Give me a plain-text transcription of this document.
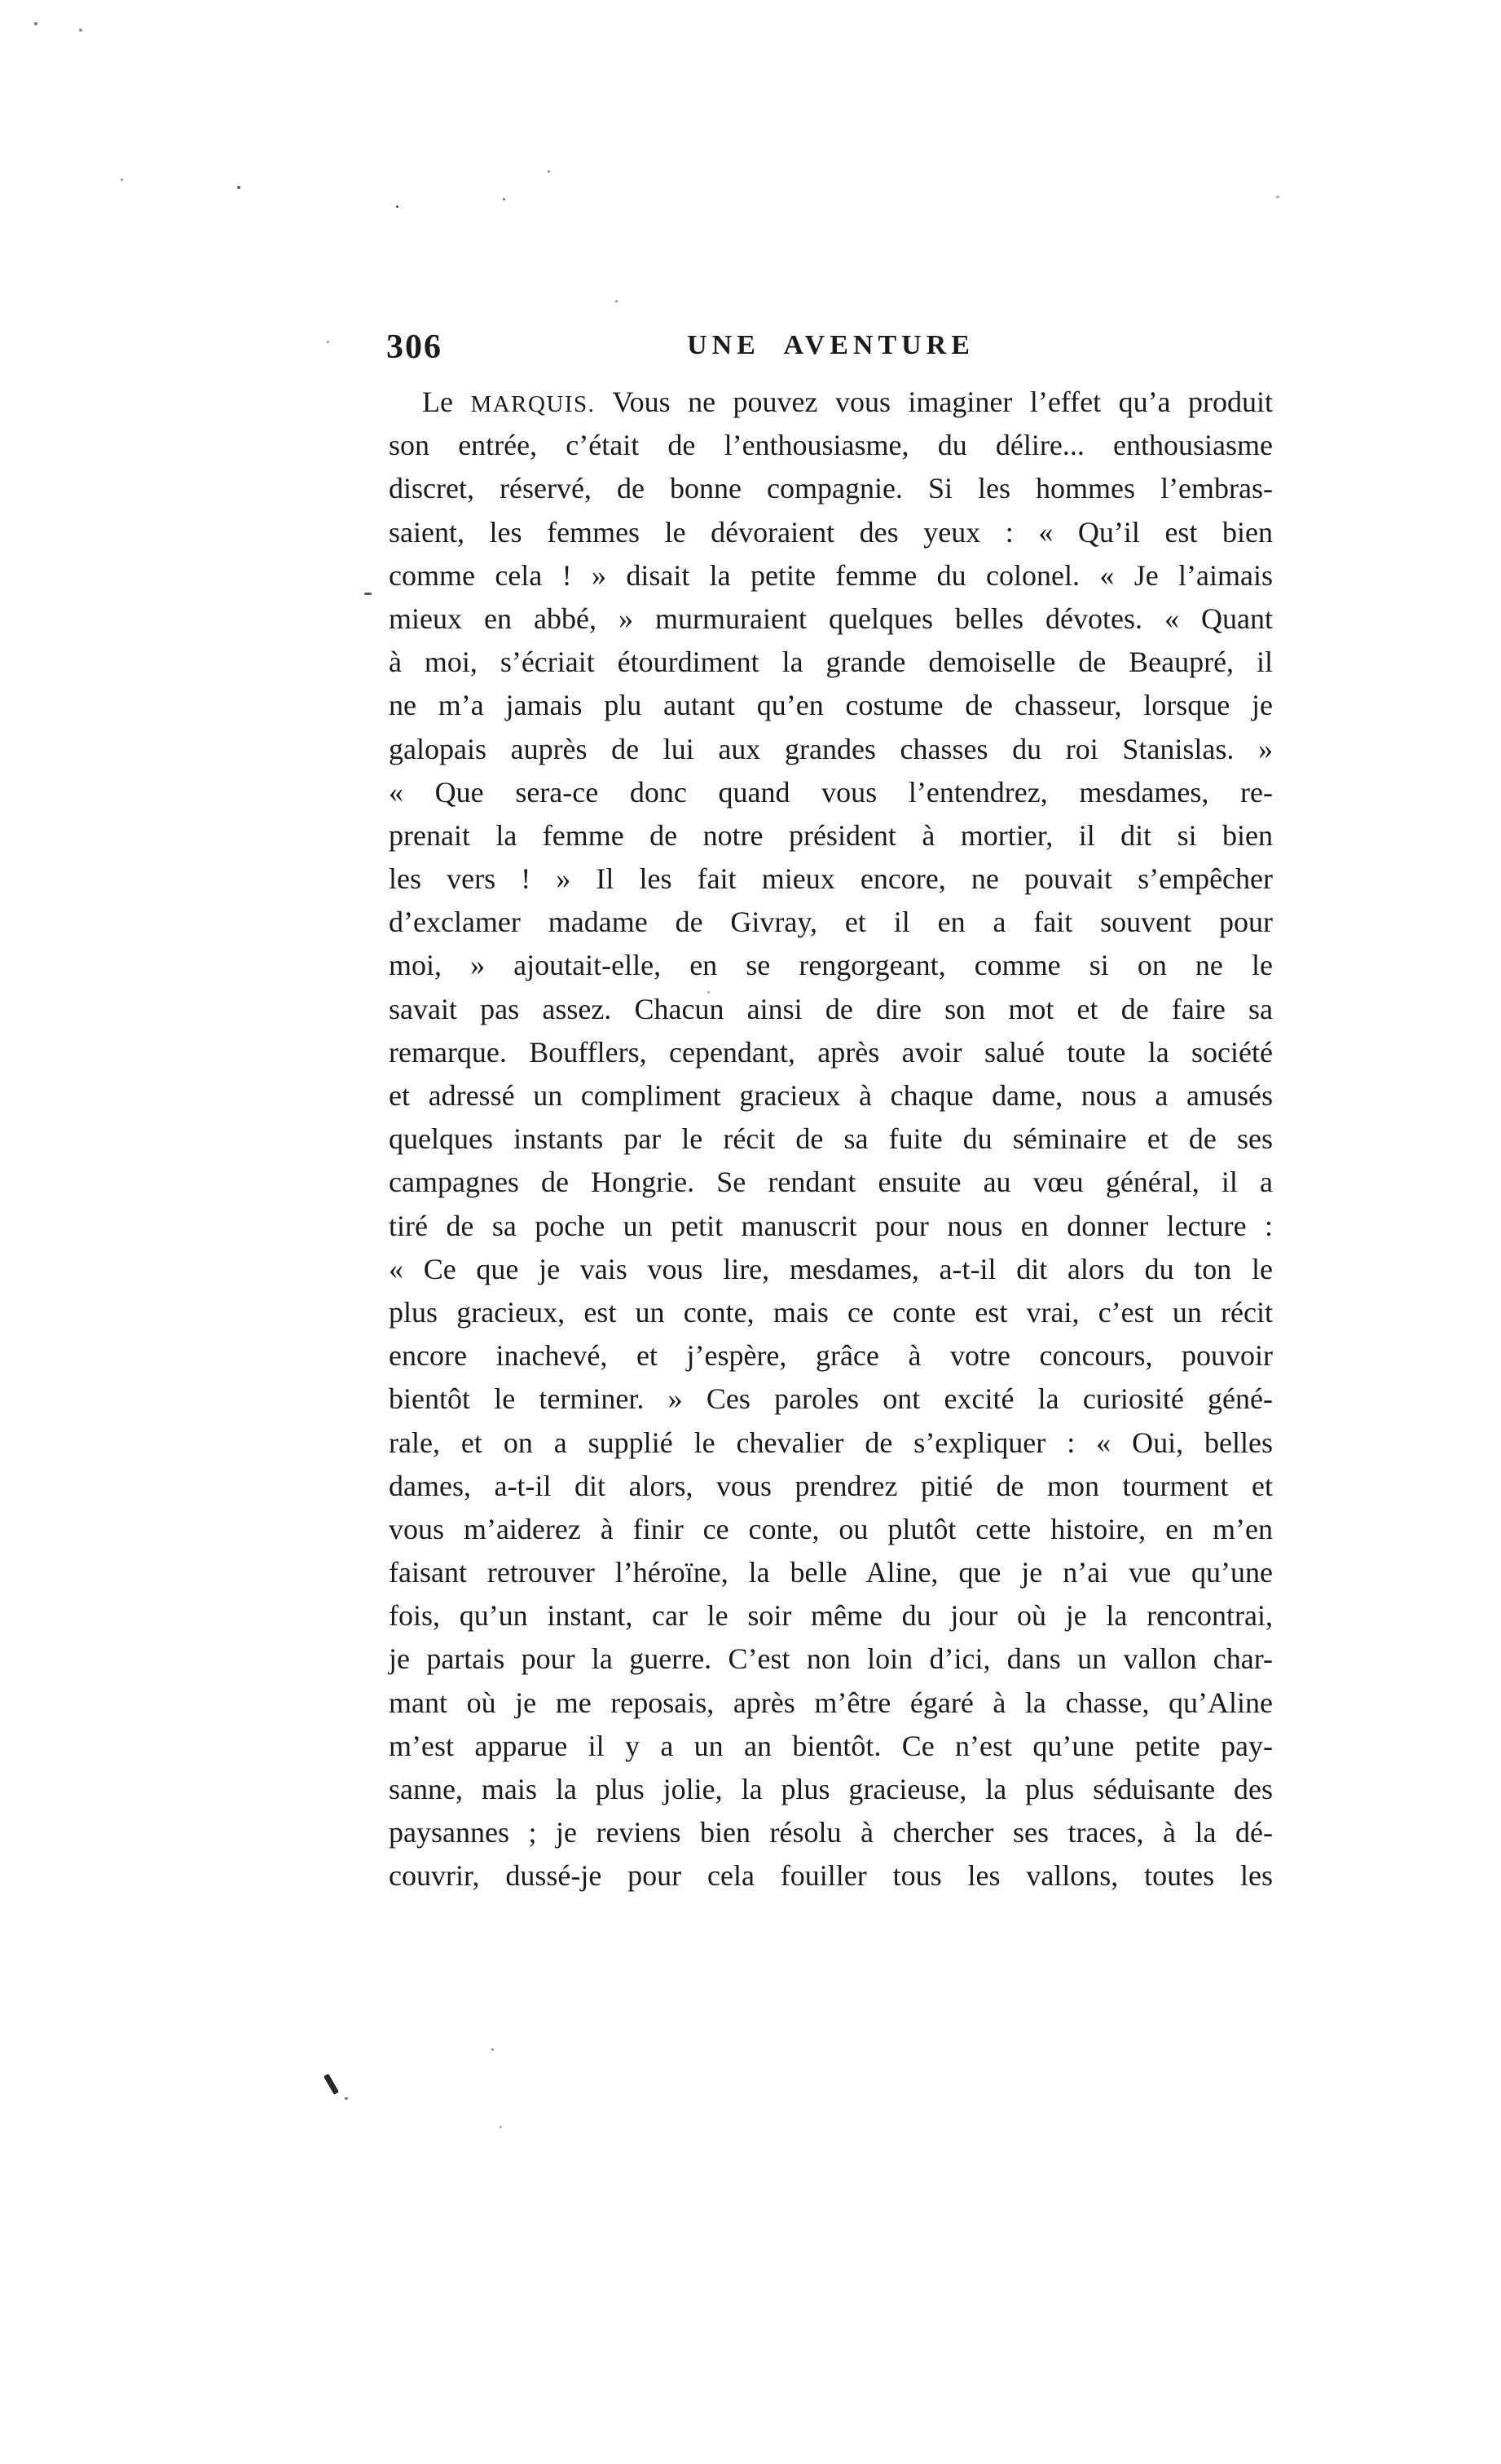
306	UNE AVENTURE
Le MARQUIS. Vous ne pouvez vous imaginer l’effet qu’a produit
son entrée, c’était de l’enthousiasme, du délire... enthousiasme
discret, réservé, de bonne compagnie. Si les hommes l’embras-
saient, les femmes le dévoraient des yeux : « Qu’il est bien
comme cela ! » disait la petite femme du colonel. « Je l’aimais
mieux en abbé, » murmuraient quelques belles dévotes. « Quant
à moi, s’écriait étourdiment la grande demoiselle de Beaupré, il
ne m’a jamais plu autant qu’en costume de chasseur, lorsque je
galopais auprès de lui aux grandes chasses du roi Stanislas. »
« Que sera-ce donc quand vous l’entendrez, mesdames, re-
prenait la femme de notre président à mortier, il dit si bien
les vers ! » Il les fait mieux encore, ne pouvait s’empêcher
d’exclamer madame de Givray, et il en a fait souvent pour
moi, » ajoutait-elle, en se rengorgeant, comme si on ne le
savait pas assez. Chacun ainsi de dire son mot et de faire sa
remarque. Boufflers, cependant, après avoir salué toute la société
et adressé un compliment gracieux à chaque dame, nous a amusés
quelques instants par le récit de sa fuite du séminaire et de ses
campagnes de Hongrie. Se rendant ensuite au vœu général, il a
tiré de sa poche un petit manuscrit pour nous en donner lecture :
« Ce que je vais vous lire, mesdames, a-t-il dit alors du ton le
plus gracieux, est un conte, mais ce conte est vrai, c’est un récit
encore inachevé, et j’espère, grâce à votre concours, pouvoir
bientôt le terminer. » Ces paroles ont excité la curiosité géné-
rale, et on a supplié le chevalier de s’expliquer : « Oui, belles
dames, a-t-il dit alors, vous prendrez pitié de mon tourment et
vous m’aiderez à finir ce conte, ou plutôt cette histoire, en m’en
faisant retrouver l’héroïne, la belle Aline, que je n’ai vue qu’une
fois, qu’un instant, car le soir même du jour où je la rencontrai,
je partais pour la guerre. C’est non loin d’ici, dans un vallon char-
mant où je me reposais, après m’être égaré à la chasse, qu’Aline
m’est apparue il y a un an bientôt. Ce n’est qu’une petite pay-
sanne, mais la plus jolie, la plus gracieuse, la plus séduisante des
paysannes ; je reviens bien résolu à chercher ses traces, à la dé-
couvrir, dussé-je pour cela fouiller tous les vallons, toutes les
